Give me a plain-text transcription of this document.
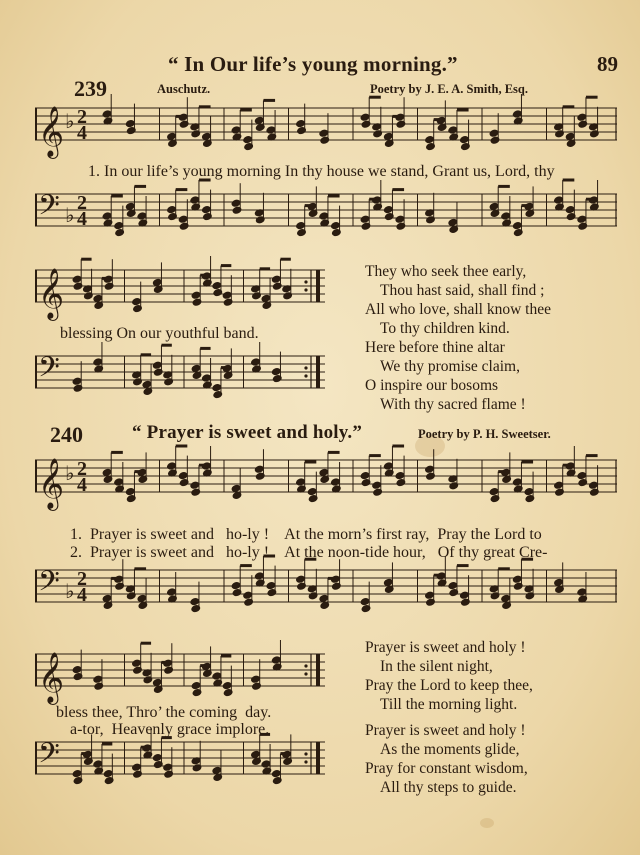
“ In Our life’s young morning.”	89
239	Auschutz.	Poetry by J. E. A. Smith, Esq.
𝄞 ♭ 2
4
𝄢 ♭
2
4
𝄞
𝄢
𝄞 ♭ 2
4
𝄢 ♭
2
4
𝄞
𝄢
1. In our life’s young morning In thy house we stand, Grant us, Lord, thy
blessing On our youthful band.
They who seek thee early,
Thou hast said, shall find ;
All who love, shall know thee
To thy children kind.
Here before thine altar
We thy promise claim,
O inspire our bosoms
With thy sacred flame !
240	“ Prayer is sweet and holy.”	Poetry by P. H. Sweetser.
1.  Prayer is sweet and   ho-ly !    At the morn’s first ray,  Pray the Lord to
2.  Prayer is sweet and   ho-ly !    At the noon-tide hour,   Of thy great Cre-
bless thee, Thro’ the coming  day.
a-tor,  Heavenly grace implore.
Prayer is sweet and holy !
In the silent night,
Pray the Lord to keep thee,
Till the morning light.
Prayer is sweet and holy !
As the moments glide,
Pray for constant wisdom,
All thy steps to guide.
